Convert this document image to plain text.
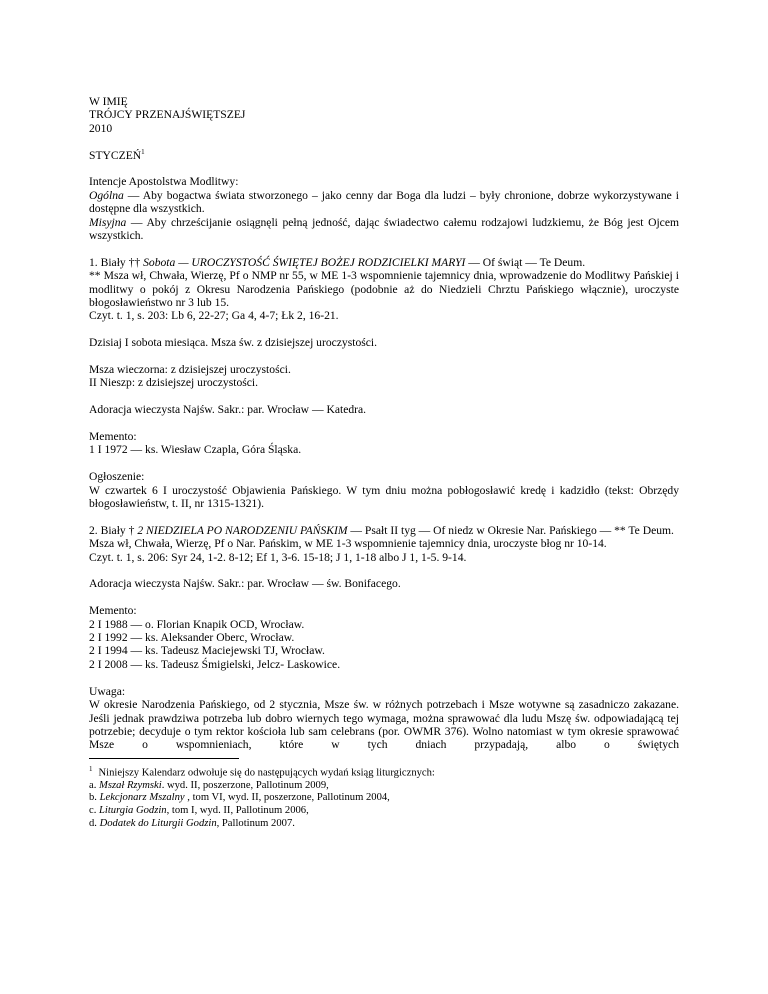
W IMIĘ
TRÓJCY PRZENAJŚWIĘTSZEJ
2010
STYCZEŃ$^1$
Intencje Apostolstwa Modlitwy:
Ogólna — Aby bogactwa świata stworzonego – jako cenny dar Boga dla ludzi – były chronione, dobrze wykorzystywane i dostępne dla wszystkich.
Misyjna — Aby chrześcijanie osiągnęli pełną jedność, dając świadectwo całemu rodzajowi ludzkiemu, że Bóg jest Ojcem wszystkich.
1. Biały †† Sobota — UROCZYSTOŚĆ ŚWIĘTEJ BOŻEJ RODZICIELKI MARYI — Of świąt — Te Deum.
** Msza wł, Chwała, Wierzę, Pf o NMP nr 55, w ME 1-3 wspomnienie tajemnicy dnia, wprowadzenie do Modlitwy Pańskiej i modlitwy o pokój z Okresu Narodzenia Pańskiego (podobnie aż do Niedzieli Chrztu Pańskiego włącznie), uroczyste błogosławieństwo nr 3 lub 15.
Czyt. t. 1, s. 203: Lb 6, 22-27; Ga 4, 4-7; Łk 2, 16-21.
Dzisiaj I sobota miesiąca. Msza św. z dzisiejszej uroczystości.
Msza wieczorna: z dzisiejszej uroczystości.
II Nieszp: z dzisiejszej uroczystości.
Adoracja wieczysta Najśw. Sakr.: par. Wrocław — Katedra.
Memento:
1 I 1972 — ks. Wiesław Czapla, Góra Śląska.
Ogłoszenie:
W czwartek 6 I uroczystość Objawienia Pańskiego. W tym dniu można pobłogosławić kredę i kadzidło (tekst: Obrzędy błogosławieństw, t. II, nr 1315-1321).
2. Biały † 2 NIEDZIELA PO NARODZENIU PAŃSKIM — Psałt II tyg — Of niedz w Okresie Nar. Pańskiego — ** Te Deum.
Msza wł, Chwała, Wierzę, Pf o Nar. Pańskim, w ME 1-3 wspomnienie tajemnicy dnia, uroczyste błog nr 10-14.
Czyt. t. 1, s. 206: Syr 24, 1-2. 8-12; Ef 1, 3-6. 15-18; J 1, 1-18 albo J 1, 1-5. 9-14.
Adoracja wieczysta Najśw. Sakr.: par. Wrocław — św. Bonifacego.
Memento:
2 I 1988 — o. Florian Knapik OCD, Wrocław.
2 I 1992 — ks. Aleksander Oberc, Wrocław.
2 I 1994 — ks. Tadeusz Maciejewski TJ, Wrocław.
2 I 2008 — ks. Tadeusz Śmigielski, Jelcz- Laskowice.
Uwaga:
W okresie Narodzenia Pańskiego, od 2 stycznia, Msze św. w różnych potrzebach i Msze wotywne są zasadniczo zakazane. Jeśli jednak prawdziwa potrzeba lub dobro wiernych tego wymaga, można sprawować dla ludu Mszę św. odpowiadającą tej potrzebie; decyduje o tym rektor kościoła lub sam celebrans (por. OWMR 376). Wolno natomiast w tym okresie sprawować Msze o wspomnieniach, które w tych dniach przypadają, albo o świętych
$^1$ Niniejszy Kalendarz odwołuje się do następujących wydań ksiąg liturgicznych:
a. Mszał Rzymski. wyd. II, poszerzone, Pallotinum 2009,
b. Lekcjonarz Mszalny , tom VI, wyd. II, poszerzone, Pallotinum 2004,
c. Liturgia Godzin, tom I, wyd. II, Pallotinum 2006,
d. Dodatek do Liturgii Godzin, Pallotinum 2007.
